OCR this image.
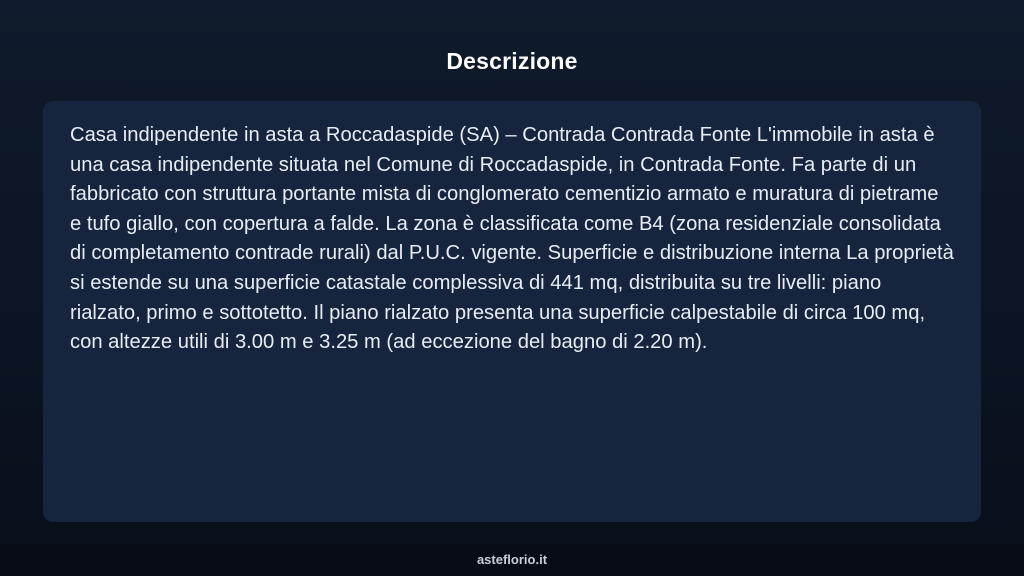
Descrizione

Casa indipendente in asta a Roccadaspide (SA) – Contrada Contrada Fonte L'immobile in asta è una casa indipendente situata nel Comune di Roccadaspide, in Contrada Fonte. Fa parte di un fabbricato con struttura portante mista di conglomerato cementizio armato e muratura di pietrame e tufo giallo, con copertura a falde. La zona è classificata come B4 (zona residenziale consolidata di completamento contrade rurali) dal P.U.C. vigente. Superficie e distribuzione interna La proprietà si estende su una superficie catastale complessiva di 441 mq, distribuita su tre livelli: piano rialzato, primo e sottotetto. Il piano rialzato presenta una superficie calpestabile di circa 100 mq, con altezze utili di 3.00 m e 3.25 m (ad eccezione del bagno di 2.20 m).

asteflorio.it
